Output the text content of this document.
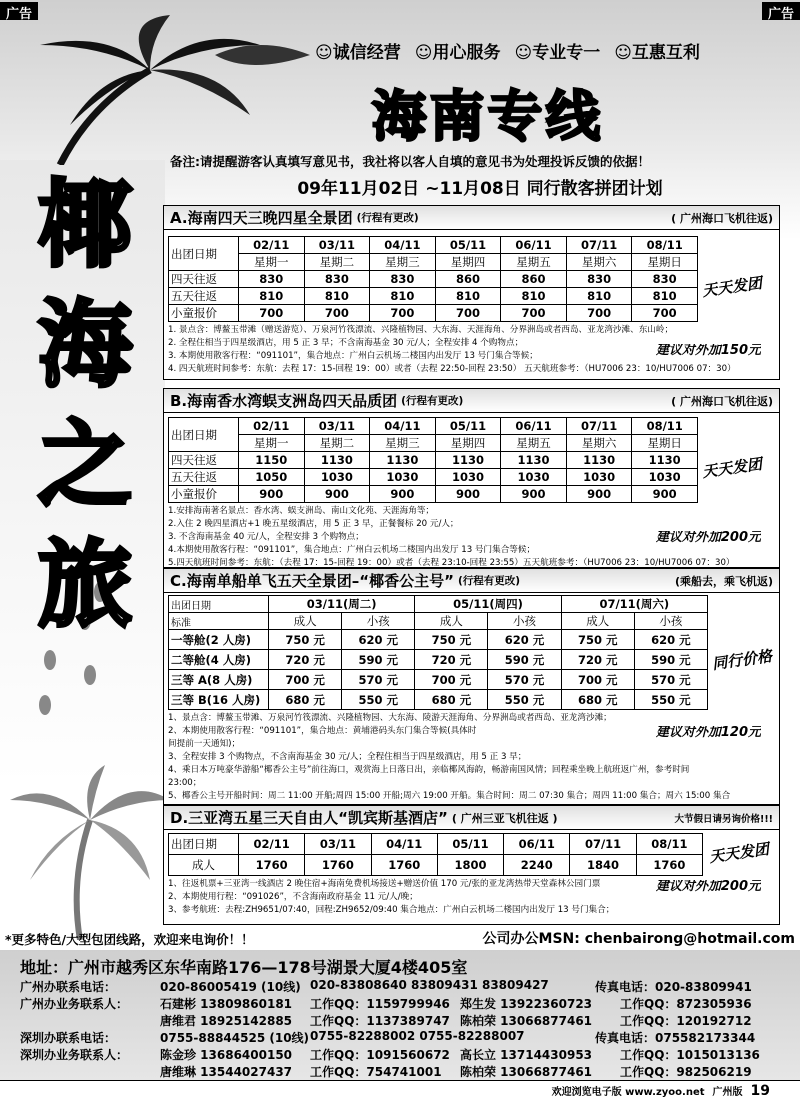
广告	广告
☺诚信经营 ☺用心服务 ☺专业专一 ☺互惠互利
海南专线
备注:请提醒游客认真填写意见书，我社将以客人自填的意见书为处理投诉反馈的依据！
09年11月02日 ~11月08日 同行散客拼团计划
椰
海
之
旅
A.海南四天三晚四星全景团 (行程有更改)	( 广州海口飞机往返)
出团日期	02/11	03/11	04/11	05/11	06/11	07/11	08/11
	星期一	星期二	星期三	星期四	星期五	星期六	星期日
四天往返	830	830	830	860	860	830	830
五天往返	810	810	810	810	810	810	810
小童报价	700	700	700	700	700	700	700
天天发团
1. 景点含：博鳌玉带滩（赠送游览）、万泉河竹筏漂流、兴隆植物园、大东海、天涯海角、分界洲岛或者西岛、亚龙湾沙滩、东山岭；
2. 全程住相当于四星级酒店，用 5 正 3 早；不含南海基金 30 元/人；全程安排 4 个购物点；
3. 本期使用散客行程：“091101”，集合地点：广州白云机场二楼国内出发厅 13 号门集合等候；
4. 四天航班时间参考：东航：去程 17：15-回程 19：00）或者（去程 22:50-回程 23:50） 五天航班参考：（HU7006 23：10/HU7006 07：30）
建议对外加150元
B.海南香水湾蜈支洲岛四天品质团 (行程有更改)	( 广州海口飞机往返)
出团日期	02/11	03/11	04/11	05/11	06/11	07/11	08/11
	星期一	星期二	星期三	星期四	星期五	星期六	星期日
四天往返	1150	1130	1130	1130	1130	1130	1130
五天往返	1050	1030	1030	1030	1030	1030	1030
小童报价	900	900	900	900	900	900	900
天天发团
1.安排海南著名景点：香水湾、蜈支洲岛、南山文化苑、天涯海角等；
2.入住 2 晚四星酒店+1 晚五星级酒店，用 5 正 3 早，正餐餐标 20 元/人；
3. 不含海南基金 40 元/人，全程安排 3 个购物点；
4.本期使用散客行程：“091101”，集合地点：广州白云机场二楼国内出发厅 13 号门集合等候；
5.四天航班时间参考：东航：（去程 17：15-回程 19：00）或者（去程 23:10-回程 23:55）五天航班参考：（HU7006 23：10/HU7006 07：30）
建议对外加200元
C.海南单船单飞五天全景团–“椰香公主号” (行程有更改)	(乘船去，乘飞机返)
出团日期	03/11(周二)		05/11(周四)		07/11(周六)	
标准	成人	小孩	成人	小孩	成人	小孩
一等舱(2 人房)	750 元	620 元	750 元	620 元	750 元	620 元
二等舱(4 人房)	720 元	590 元	720 元	590 元	720 元	590 元
三等 A(8 人房)	700 元	570 元	700 元	570 元	700 元	570 元
三等 B(16 人房)	680 元	550 元	680 元	550 元	680 元	550 元
同行价格
1、景点含：博鳌玉带滩、万泉河竹筏漂流、兴隆植物园、大东海、陵游天涯海角、分界洲岛或者西岛、亚龙湾沙滩；
2、本期使用散客行程：“091101”，集合地点：黄埔港码头东门集合等候(具体时
间提前一天通知)；
3、全程安排 3 个购物点，不含南海基金 30 元/人；全程住相当于四星级酒店，用 5 正 3 早；
4、乘日本万吨豪华游船“椰香公主号”前往海口，观赏海上日落日出，亲临椰风海韵，畅游南国风情；回程乘坐晚上航班返广州，参考时间
23:00；
5、椰香公主号开船时间：周二 11:00 开船;周四 15:00 开船;周六 19:00 开船。集合时间：周二 07:30 集合；周四 11:00 集合；周六 15:00 集合
建议对外加120元
D.三亚湾五星三天自由人“凯宾斯基酒店” ( 广州三亚飞机往返 )	大节假日请另询价格!!!
出团日期	02/11	03/11	04/11	05/11	06/11	07/11	08/11
成人	1760	1760	1760	1800	2240	1840	1760 天天发团
1、往返机票+三亚湾一线酒店 2 晚住宿+海南免费机场接送+赠送价值 170 元/张的亚龙湾热带天堂森林公园门票
2、本期使用行程：“091026”，不含海南政府基金 11 元/人/晚；
3、参考航班：去程:ZH9651/07:40，回程:ZH9652/09:40 集合地点：广州白云机场二楼国内出发厅 13 号门集合；
建议对外加200元
*更多特色/大型包团线路，欢迎来电询价！！	公司办公MSN: chenbairong@hotmail.com
地址：广州市越秀区东华南路176—178号湖景大厦4楼405室
广州办联系电话：	020-86005419 (10线) 020-83808640 83809431 83809427	传真电话：020-83809941
广州办业务联系人：	石建彬 13809860181	工作QQ：1159799946 郑生发 13922360723	工作QQ：872305936
唐维君 18925142885	工作QQ：1137389747 陈柏荣 13066877461	工作QQ：120192712
深圳办联系电话：	0755-88844525 (10线) 0755-82288002 0755-82288007	传真电话：075582173344
深圳办业务联系人：	陈金珍 13686400150	工作QQ：1091560672 高长立 13714430953	工作QQ：1015013136
唐维琳 13544027437	工作QQ：754741001	陈柏荣 13066877461	工作QQ：982506219
欢迎浏览电子版 www.zyoo.net 广州版 19
